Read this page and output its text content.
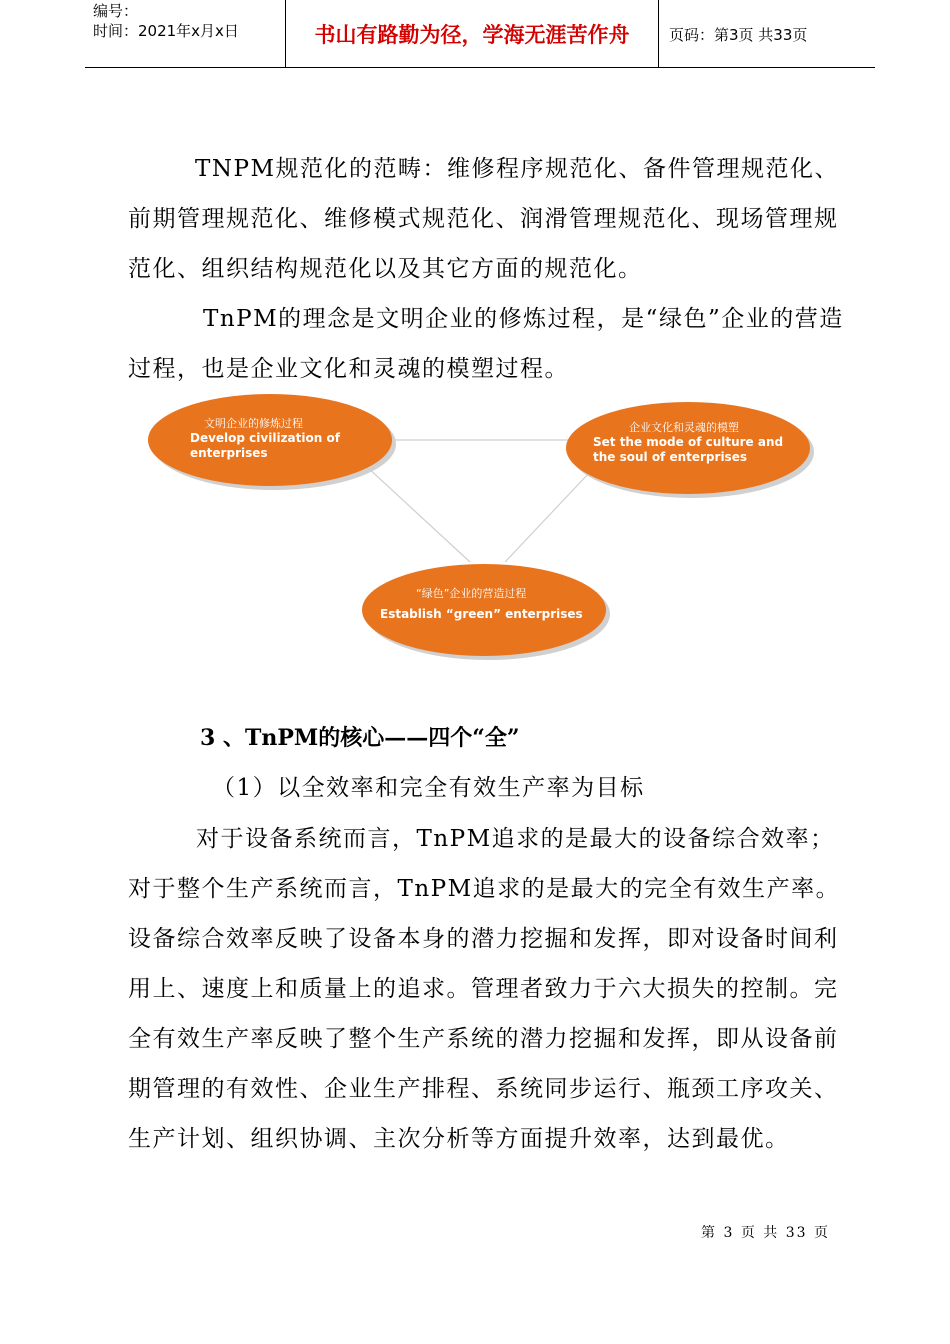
编号：
时间：2021年x月x日	书山有路勤为径，学海无涯苦作舟	页码：第3页 共33页
TNPM规范化的范畴：维修程序规范化、备件管理规范化、前期管理规范化、维修模式规范化、润滑管理规范化、现场管理规范化、组织结构规范化以及其它方面的规范化。
TnPM的理念是文明企业的修炼过程，是“绿色”企业的营造过程，也是企业文化和灵魂的模塑过程。
文明企业的修炼过程
Develop civilization of
enterprises
企业文化和灵魂的模塑
Set the mode of culture and
the soul of enterprises
“绿色”企业的营造过程
Establish “green” enterprises
3 、TnPM的核心——四个“全”
（1）以全效率和完全有效生产率为目标
对于设备系统而言，TnPM追求的是最大的设备综合效率；对于整个生产系统而言，TnPM追求的是最大的完全有效生产率。设备综合效率反映了设备本身的潜力挖掘和发挥，即对设备时间利用上、速度上和质量上的追求。管理者致力于六大损失的控制。完全有效生产率反映了整个生产系统的潜力挖掘和发挥，即从设备前期管理的有效性、企业生产排程、系统同步运行、瓶颈工序攻关、生产计划、组织协调、主次分析等方面提升效率，达到最优。
第 3 页 共 33 页
